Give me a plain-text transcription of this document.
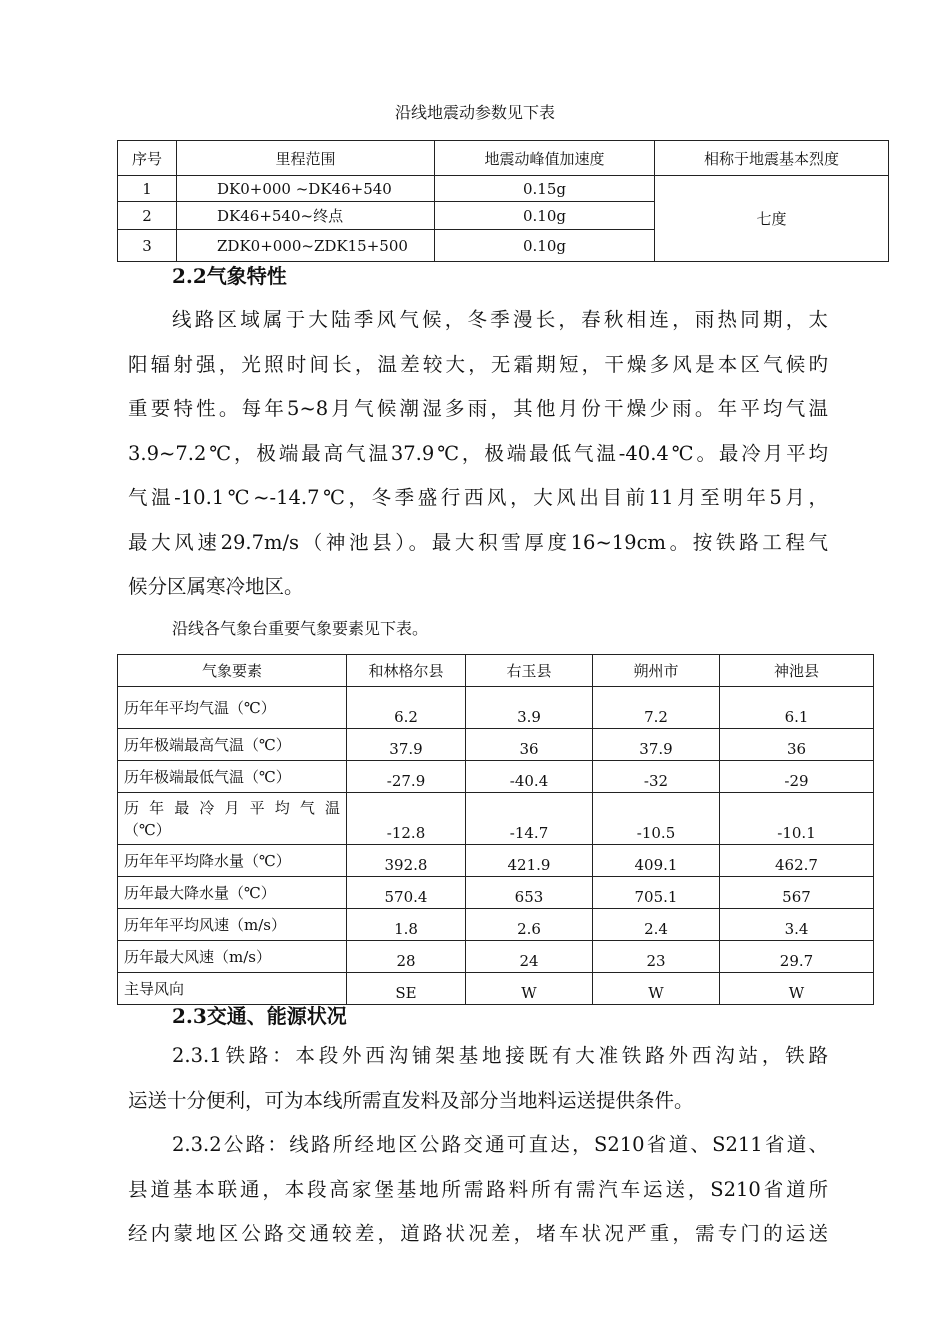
沿线地震动参数见下表
序号	里程范围	地震动峰值加速度	相称于地震基本烈度
1	DK0+000 ~DK46+540	0.15g	七度
2	DK46+540~终点	0.10g	
3	ZDK0+000~ZDK15+500	0.10g	
2.2气象特性

线路区域属于大陆季风气候，冬季漫长，春秋相连，雨热同期，太

阳辐射强，光照时间长，温差较大，无霜期短，干燥多风是本区气候旳

重要特性。每年5~8月气候潮湿多雨，其他月份干燥少雨。年平均气温

3.9~7.2℃，极端最高气温37.9℃，极端最低气温-40.4℃。最冷月平均

气温-10.1℃~-14.7℃，冬季盛行西风，大风出目前11月至明年5月，

最大风速29.7m/s（神池县）。最大积雪厚度16~19cm。按铁路工程气

候分区属寒冷地区。

沿线各气象台重要气象要素见下表。
气象要素	和林格尔县	右玉县	朔州市	神池县
历年年平均气温（℃）	6.2	3.9	7.2	6.1
历年极端最高气温（℃）	37.9	36	37.9	36
历年极端最低气温（℃）	-27.9	-40.4	-32	-29

历年最冷月平均气温
（℃）	-12.8	-14.7	-10.5	-10.1
历年年平均降水量（℃）	392.8	421.9	409.1	462.7
历年最大降水量（℃）	570.4	653	705.1	567
历年年平均风速（m/s）	1.8	2.6	2.4	3.4
历年最大风速（m/s）	28	24	23	29.7
主导风向	SE	W	W	W
2.3交通、能源状况

2.3.1铁路：本段外西沟铺架基地接既有大准铁路外西沟站，铁路

运送十分便利，可为本线所需直发料及部分当地料运送提供条件。

2.3.2公路：线路所经地区公路交通可直达，S210省道、S211省道、

县道基本联通，本段高家堡基地所需路料所有需汽车运送，S210省道所

经内蒙地区公路交通较差，道路状况差，堵车状况严重，需专门的运送
